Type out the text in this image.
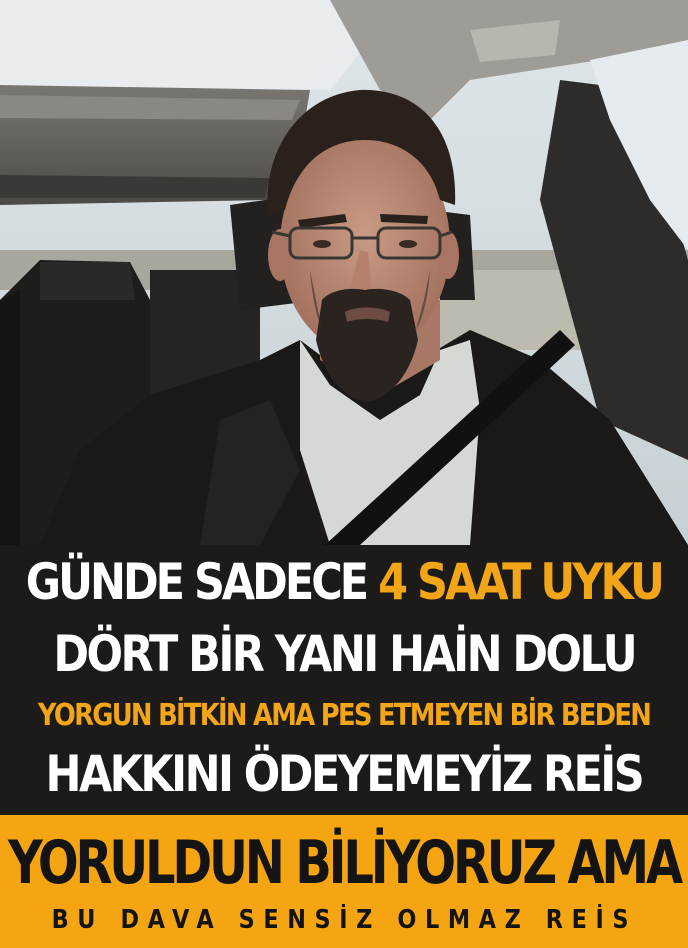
GÜNDE SADECE 4 SAAT UYKU
DÖRT BİR YANI HAİN DOLU
YORGUN BİTKİN AMA PES ETMEYEN BİR BEDEN
HAKKINI ÖDEYEMEYİZ REİS
YORULDUN BİLİYORUZ AMA
BU DAVA SENSİZ OLMAZ REİS
